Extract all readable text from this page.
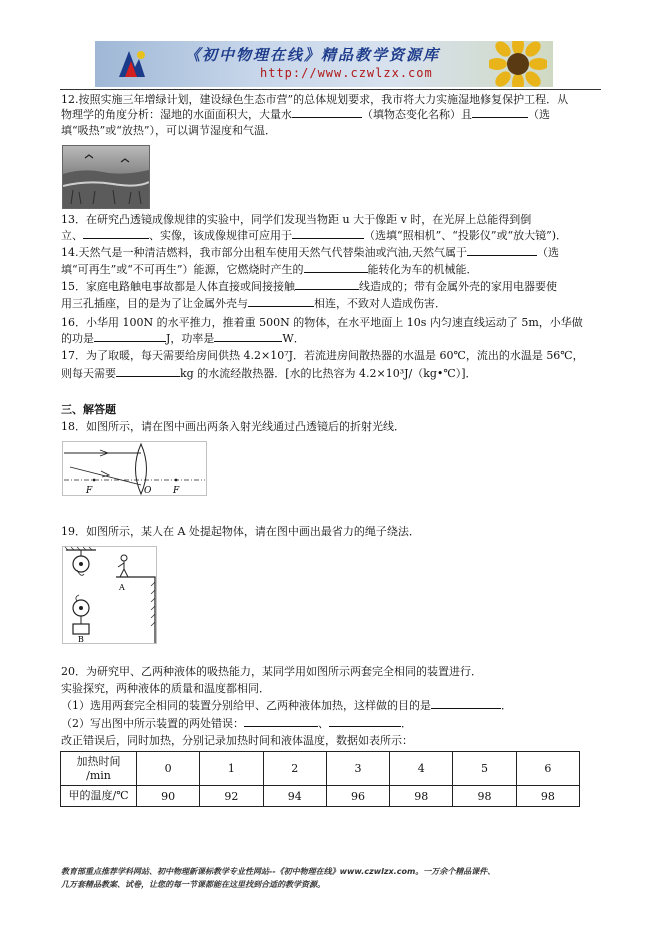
《初中物理在线》精品教学资源库
http://www.czwlzx.com
12.按照实施三年增绿计划，建设绿色生态市营”的总体规划要求，我市将大力实施湿地修复保护工程．从
物理学的角度分析：湿地的水面面积大，大量水	（填物态变化名称）且	（选
填“吸热”或“放热”），可以调节湿度和气温．
13．在研究凸透镜成像规律的实验中，同学们发现当物距 u 大于像距 v 时，在光屏上总能得到倒
立、	、实像，该成像规律可应用于	（选填“照相机”、“投影仪”或“放大镜”)．
14.天然气是一种清洁燃料，我市部分出租车使用天然气代替柴油或汽油,天然气属于	（选
填“可再生”或“不可再生”）能源，它燃烧时产生的	能转化为车的机械能．
15．家庭电路触电事故都是人体直接或间接接触	线造成的；带有金属外壳的家用电器要使
用三孔插座，目的是为了让金属外壳与	相连，不致对人造成伤害．
16．小华用 100N 的水平推力，推着重 500N 的物体，在水平地面上 10s 内匀速直线运动了 5m，小华做
的功是	J，功率是	W．
17．为了取暖，每天需要给房间供热 4.2×10⁷J．若流进房间散热器的水温是 60℃，流出的水温是 56℃，
则每天需要	kg 的水流经散热器．[水的比热容为 4.2×10³J/（kg•℃）]．
三、解答题
18．如图所示，请在图中画出两条入射光线通过凸透镜后的折射光线．
F	O F
19．如图所示，某人在 A 处提起物体，请在图中画出最省力的绳子绕法．
B
A
20．为研究甲、乙两种液体的吸热能力，某同学用如图所示两套完全相同的装置进行．
实验探究，两种液体的质量和温度都相同．
（1）选用两套完全相同的装置分别给甲、乙两种液体加热，这样做的目的是	．
（2）写出图中所示装置的两处错误：	、	．
改正错误后，同时加热，分别记录加热时间和液体温度，数据如表所示：
加热时间
/min	0	1	2	3	4	5	6
甲的温度/℃	90	92	94	96	98	98	98
教育部重点推荐学科网站、初中物理新课标教学专业性网站--《初中物理在线》www.czwlzx.com。一万余个精品课件、
几万套精品教案、试卷，让您的每一节课都能在这里找到合适的教学资源。
